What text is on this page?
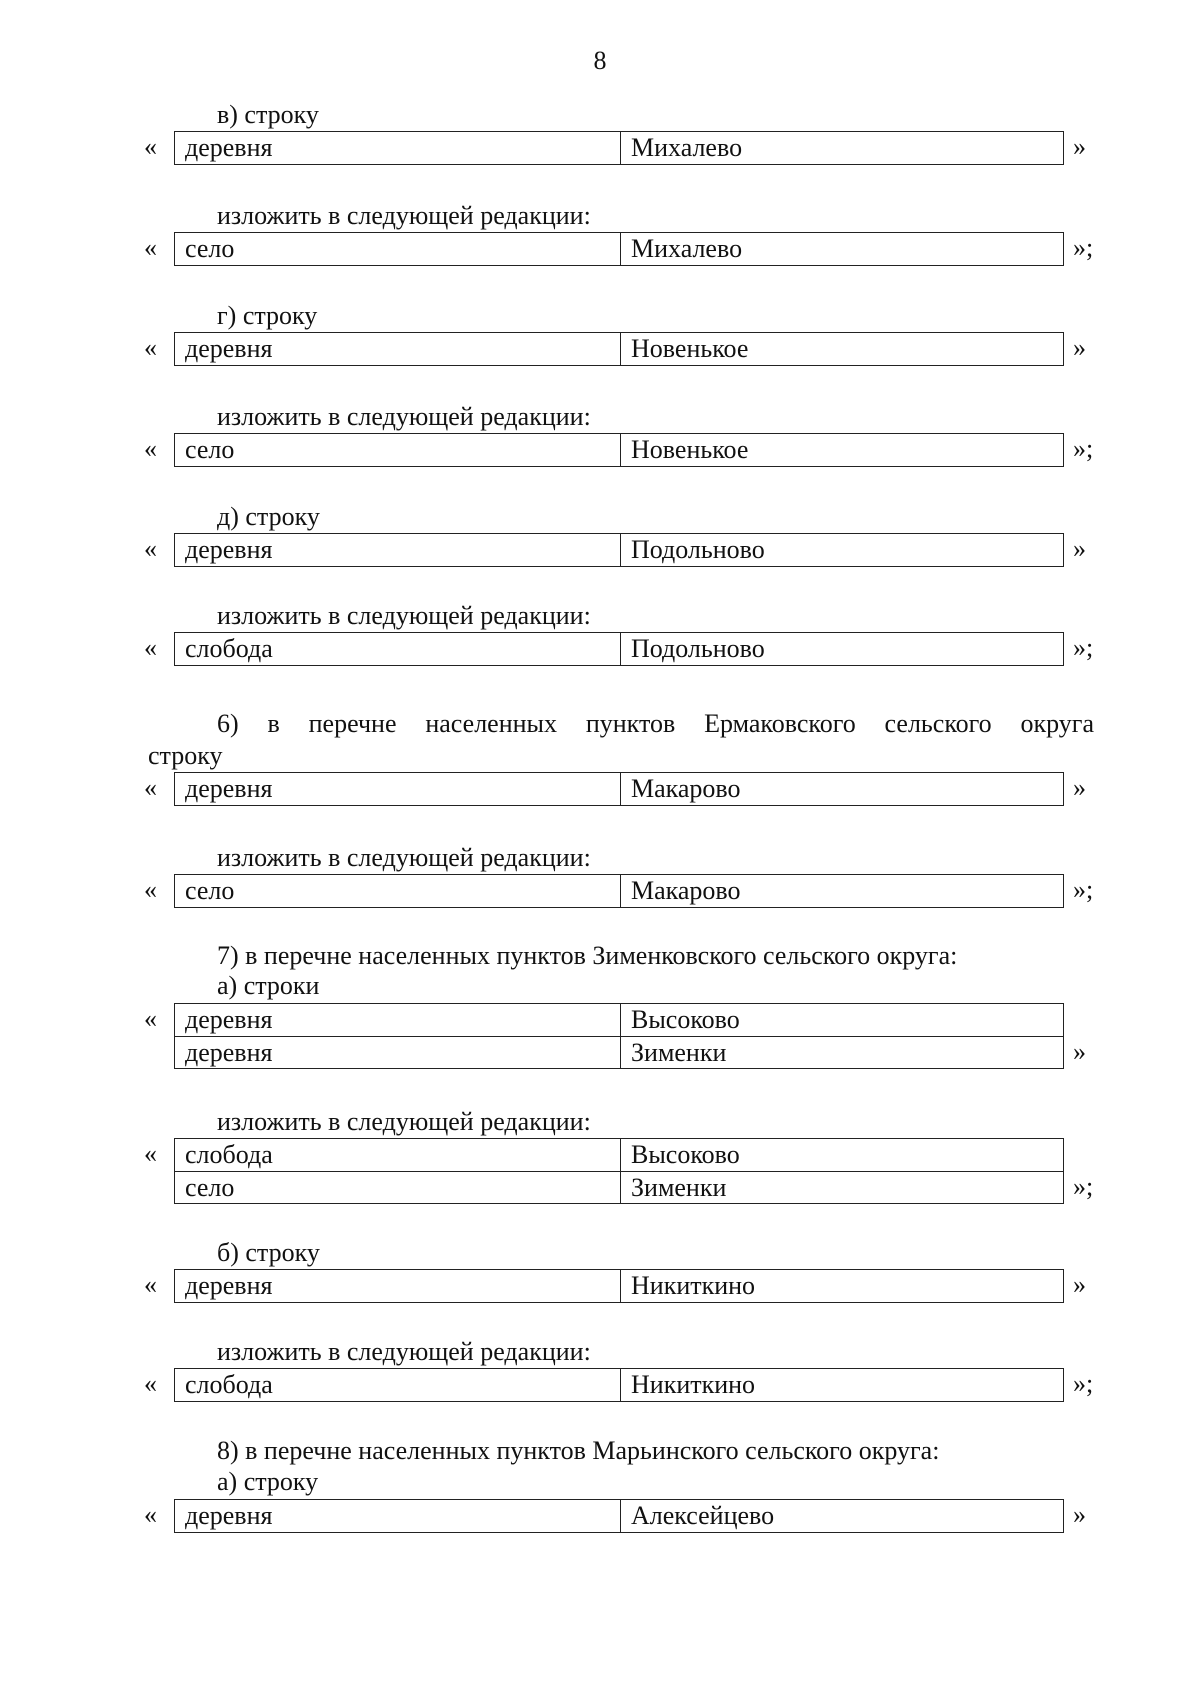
8
в) строку
«	деревня	Михалево	»
изложить в следующей редакции:
«	село	Михалево	»;
г) строку
«	деревня	Новенькое	»
изложить в следующей редакции:
«	село	Новенькое	»;
д) строку
«	деревня	Подольново	»
изложить в следующей редакции:
«	слобода	Подольново	»;
6) в перечне населенных пунктов Ермаковского сельского округа
строку
«	деревня	Макарово	»
изложить в следующей редакции:
«	село	Макарово	»;
7) в перечне населенных пунктов Зименковского сельского округа:
а) строки
«	деревня	Высоково
деревня	Зименки	»
изложить в следующей редакции:
«	слобода	Высоково
село	Зименки	»;
б) строку
«	деревня	Никиткино	»
изложить в следующей редакции:
«	слобода	Никиткино	»;
8) в перечне населенных пунктов Марьинского сельского округа:
а) строку
«	деревня	Алексейцево	»
